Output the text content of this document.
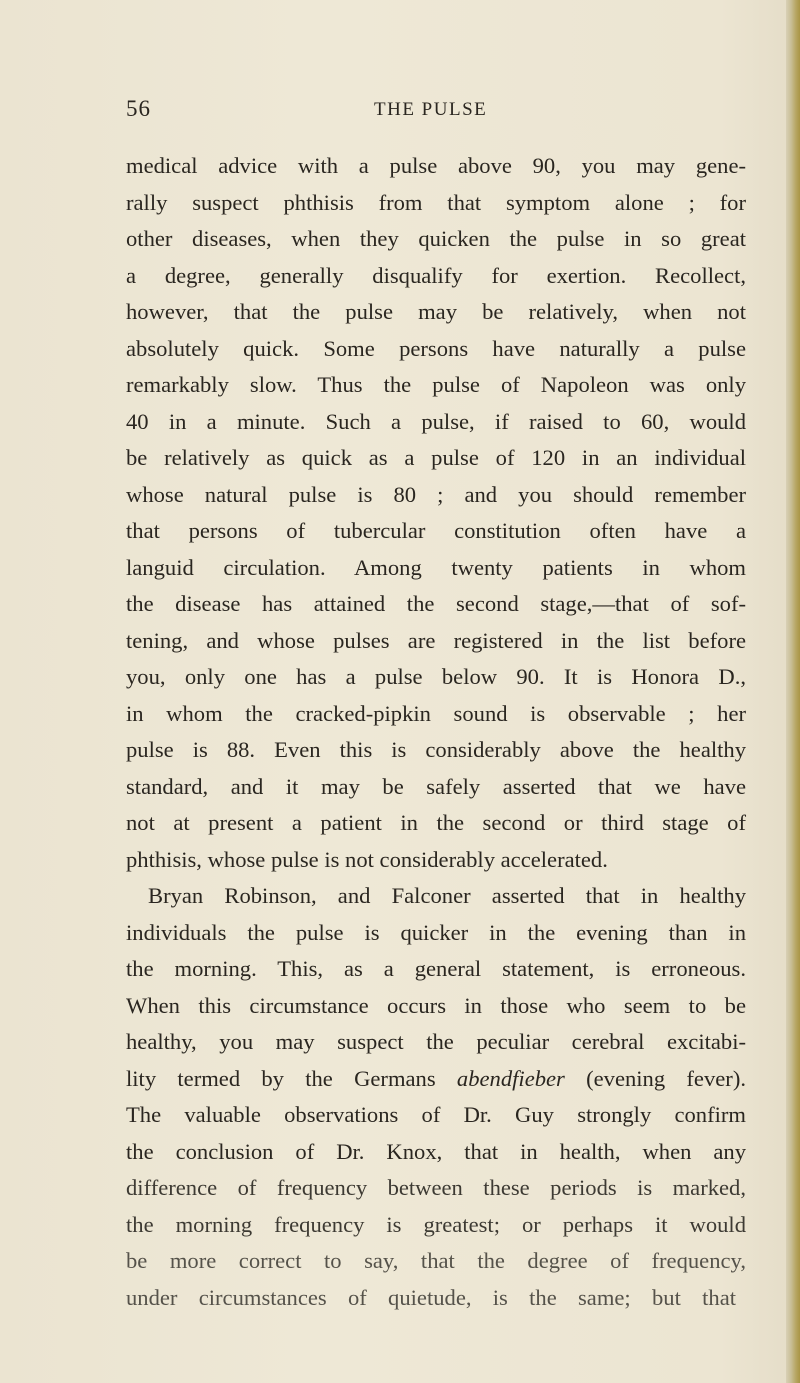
56	THE PULSE
medical advice with a pulse above 90, you may gene-
rally suspect phthisis from that symptom alone ; for
other diseases, when they quicken the pulse in so great
a degree, generally disqualify for exertion. Recollect,
however, that the pulse may be relatively, when not
absolutely quick. Some persons have naturally a pulse
remarkably slow. Thus the pulse of Napoleon was only
40 in a minute. Such a pulse, if raised to 60, would
be relatively as quick as a pulse of 120 in an individual
whose natural pulse is 80 ; and you should remember
that persons of tubercular constitution often have a
languid circulation. Among twenty patients in whom
the disease has attained the second stage,—that of sof-
tening, and whose pulses are registered in the list before
you, only one has a pulse below 90. It is Honora D.,
in whom the cracked-pipkin sound is observable ; her
pulse is 88. Even this is considerably above the healthy
standard, and it may be safely asserted that we have
not at present a patient in the second or third stage of
phthisis, whose pulse is not considerably accelerated.
Bryan Robinson, and Falconer asserted that in healthy
individuals the pulse is quicker in the evening than in
the morning. This, as a general statement, is erroneous.
When this circumstance occurs in those who seem to be
healthy, you may suspect the peculiar cerebral excitabi-
lity termed by the Germans abendfieber (evening fever).
The valuable observations of Dr. Guy strongly confirm
the conclusion of Dr. Knox, that in health, when any
difference of frequency between these periods is marked,
the morning frequency is greatest; or perhaps it would
be more correct to say, that the degree of frequency,
under circumstances of quietude, is the same; but that
